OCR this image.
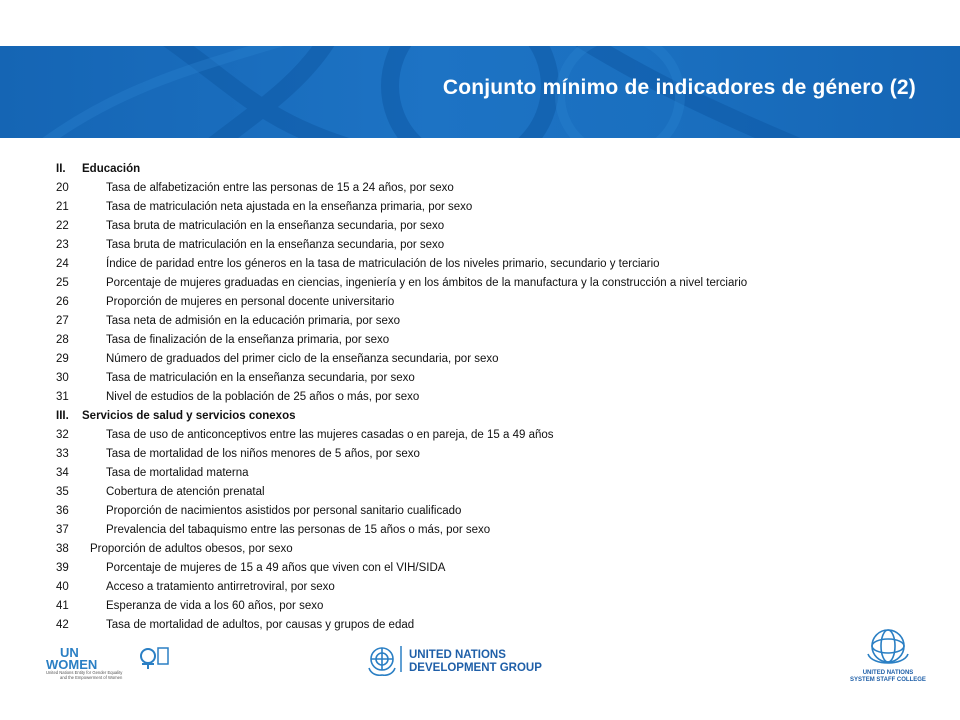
Conjunto mínimo de indicadores de género (2)
II. Educación
20	Tasa de alfabetización entre las personas de 15 a 24 años, por sexo
21	Tasa de matriculación neta ajustada en la enseñanza primaria, por sexo
22	Tasa bruta de matriculación en la enseñanza secundaria, por sexo
23	Tasa bruta de matriculación en la enseñanza secundaria, por sexo
24	Índice de paridad entre los géneros en la tasa de matriculación de los niveles primario, secundario y terciario
25	Porcentaje de mujeres graduadas en ciencias, ingeniería y en los ámbitos de la manufactura y la construcción a nivel terciario
26	Proporción de mujeres en personal docente universitario
27	Tasa neta de admisión en la educación primaria, por sexo
28	Tasa de finalización de la enseñanza primaria, por sexo
29	Número de graduados del primer ciclo de la enseñanza secundaria, por sexo
30	Tasa de matriculación en la enseñanza secundaria, por sexo
31	Nivel de estudios de la población de 25 años o más, por sexo
III. Servicios de salud y servicios conexos
32	Tasa de uso de anticonceptivos entre las mujeres casadas o en pareja, de 15 a 49 años
33	Tasa de mortalidad de los niños menores de 5 años, por sexo
34	Tasa de mortalidad materna
35	Cobertura de atención prenatal
36	Proporción de nacimientos asistidos por personal sanitario cualificado
37	Prevalencia del tabaquismo entre las personas de 15 años o más, por sexo
38 Proporción de adultos obesos, por sexo
39	Porcentaje de mujeres de 15 a 49 años que viven con el VIH/SIDA
40	Acceso a tratamiento antirretroviral, por sexo
41	Esperanza de vida a los 60 años, por sexo
42	Tasa de mortalidad de adultos, por causas y grupos de edad
UN
WOMEN
United Nations Entity for Gender Equality
and the Empowerment of Women
UNITED NATIONS
DEVELOPMENT GROUP	UNITED NATIONS
SYSTEM STAFF COLLEGE
